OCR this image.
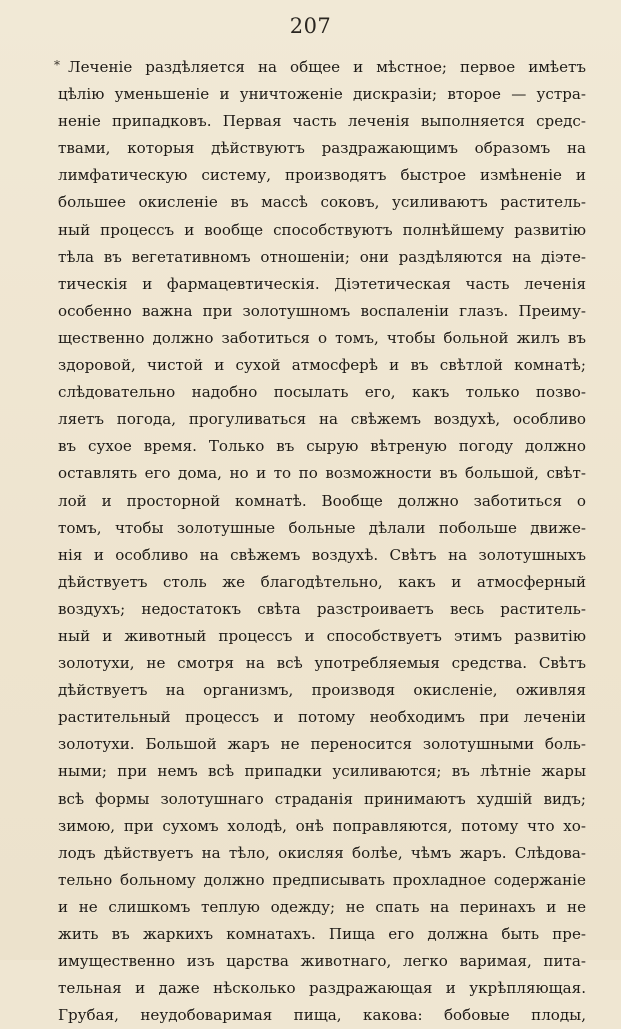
207
* Леченіе раздѣляется на общее и мѣстное; первое имѣетъ
цѣлію уменьшеніе и уничтоженіе дискразіи; второе — устра-
неніе припадковъ. Первая часть леченія выполняется средс-
твами, которыя дѣйствуютъ раздражающимъ образомъ на
лимфатическую систему, производятъ быстрое измѣненіе и
большее окисленіе въ массѣ соковъ, усиливаютъ раститель-
ный процессъ и вообще способствуютъ полнѣйшему развитію
тѣла въ вегетативномъ отношеніи; они раздѣляются на діэте-
тическія и фармацевтическія. Діэтетическая часть леченія
особенно важна при золотушномъ воспаленіи глазъ. Преиму-
щественно должно заботиться о томъ, чтобы больной жилъ въ
здоровой, чистой и сухой атмосферѣ и въ свѣтлой комнатѣ;
слѣдовательно надобно посылать его, какъ только позво-
ляетъ погода, прогуливаться на свѣжемъ воздухѣ, особливо
въ сухое время. Только въ сырую вѣтреную погоду должно
оставлять его дома, но и то по возможности въ большой, свѣт-
лой и просторной комнатѣ. Вообще должно заботиться о
томъ, чтобы золотушные больные дѣлали побольше движе-
нія и особливо на свѣжемъ воздухѣ. Свѣтъ на золотушныхъ
дѣйствуетъ столь же благодѣтельно, какъ и атмосферный
воздухъ; недостатокъ свѣта разстроиваетъ весь раститель-
ный и животный процессъ и способствуетъ этимъ развитію
золотухи, не смотря на всѣ употребляемыя средства. Свѣтъ
дѣйствуетъ на организмъ, производя окисленіе, оживляя
растительный процессъ и потому необходимъ при леченіи
золотухи. Большой жаръ не переносится золотушными боль-
ными; при немъ всѣ припадки усиливаются; въ лѣтніе жары
всѣ формы золотушнаго страданія принимаютъ худшій видъ;
зимою, при сухомъ холодѣ, онѣ поправляются, потому что хо-
лодъ дѣйствуетъ на тѣло, окисляя болѣе, чѣмъ жаръ. Слѣдова-
тельно больному должно предписывать прохладное содержаніе
и не слишкомъ теплую одежду; не спать на перинахъ и не
жить въ жаркихъ комнатахъ. Пища его должна быть пре-
имущественно изъ царства животнаго, легко варимая, пита-
тельная и даже нѣсколько раздражающая и укрѣпляющая.
Грубая, неудобоваримая пища, какова: бобовые плоды,
